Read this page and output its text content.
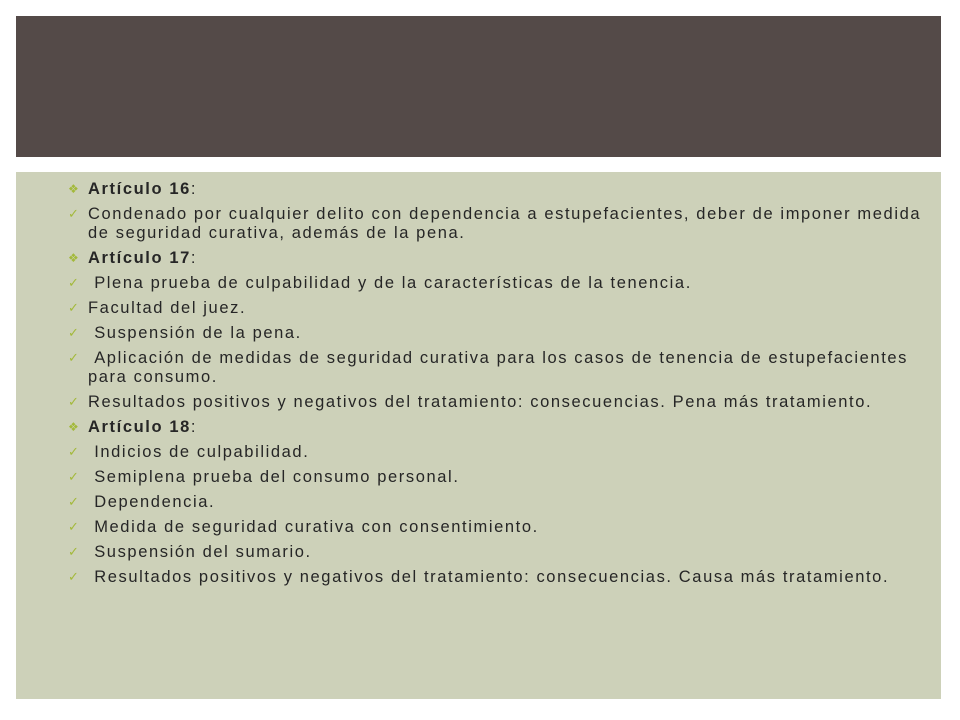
❖ Artículo 16:
✓ Condenado por cualquier delito con dependencia a estupefacientes, deber de imponer medida de seguridad curativa, además de la pena.
❖ Artículo 17:
✓ Plena prueba de culpabilidad y de la características de la tenencia.
✓ Facultad del juez.
✓ Suspensión de la pena.
✓ Aplicación de medidas de seguridad curativa para los casos de tenencia de estupefacientes para consumo.
✓ Resultados positivos y negativos del tratamiento: consecuencias. Pena más tratamiento.
❖ Artículo 18:
✓ Indicios de culpabilidad.
✓ Semiplena prueba del consumo personal.
✓ Dependencia.
✓ Medida de seguridad curativa con consentimiento.
✓ Suspensión del sumario.
✓ Resultados positivos y negativos del tratamiento: consecuencias. Causa más tratamiento.
